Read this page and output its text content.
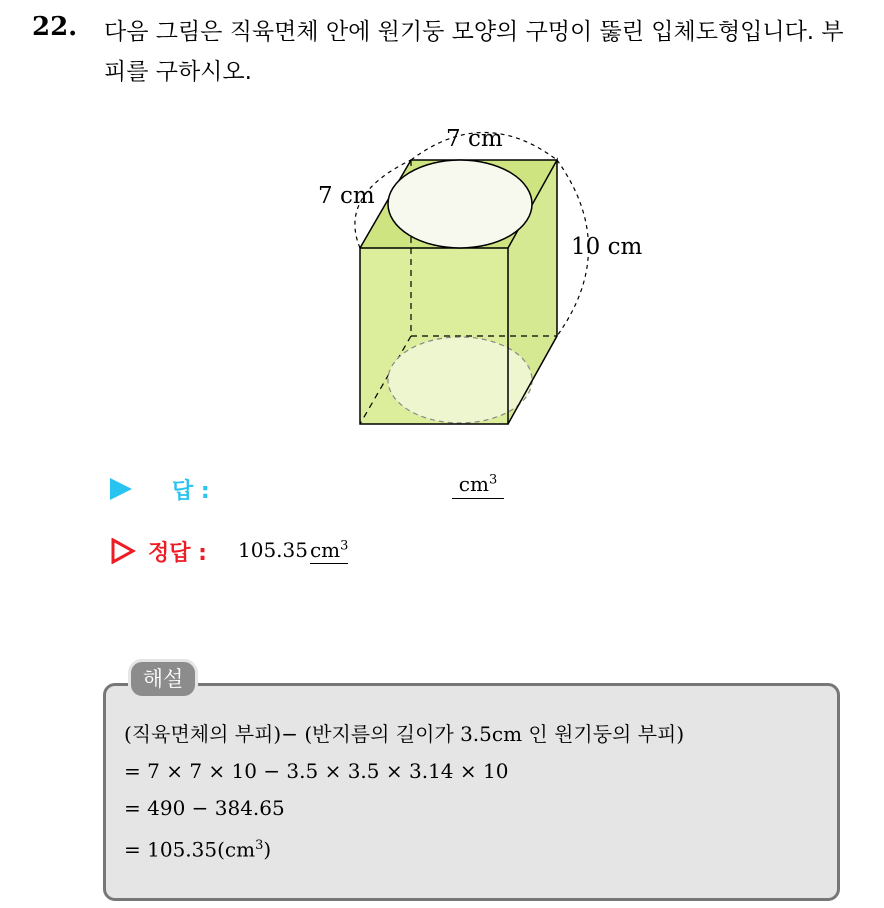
22. 다음 그림은 직육면체 안에 원기둥 모양의 구멍이 뚫린 입체도형입니다. 부피를 구하시오.
7 cm
7 cm
10 cm
답 :	$cm^3$
정답 : 105.35 $cm^3$
해설
(직육면체의 부피)− (반지름의 길이가 3.5cm 인 원기둥의 부피)
= 7 × 7 × 10 − 3.5 × 3.5 × 3.14 × 10
= 490 − 384.65
= $105.35(cm^3)$
